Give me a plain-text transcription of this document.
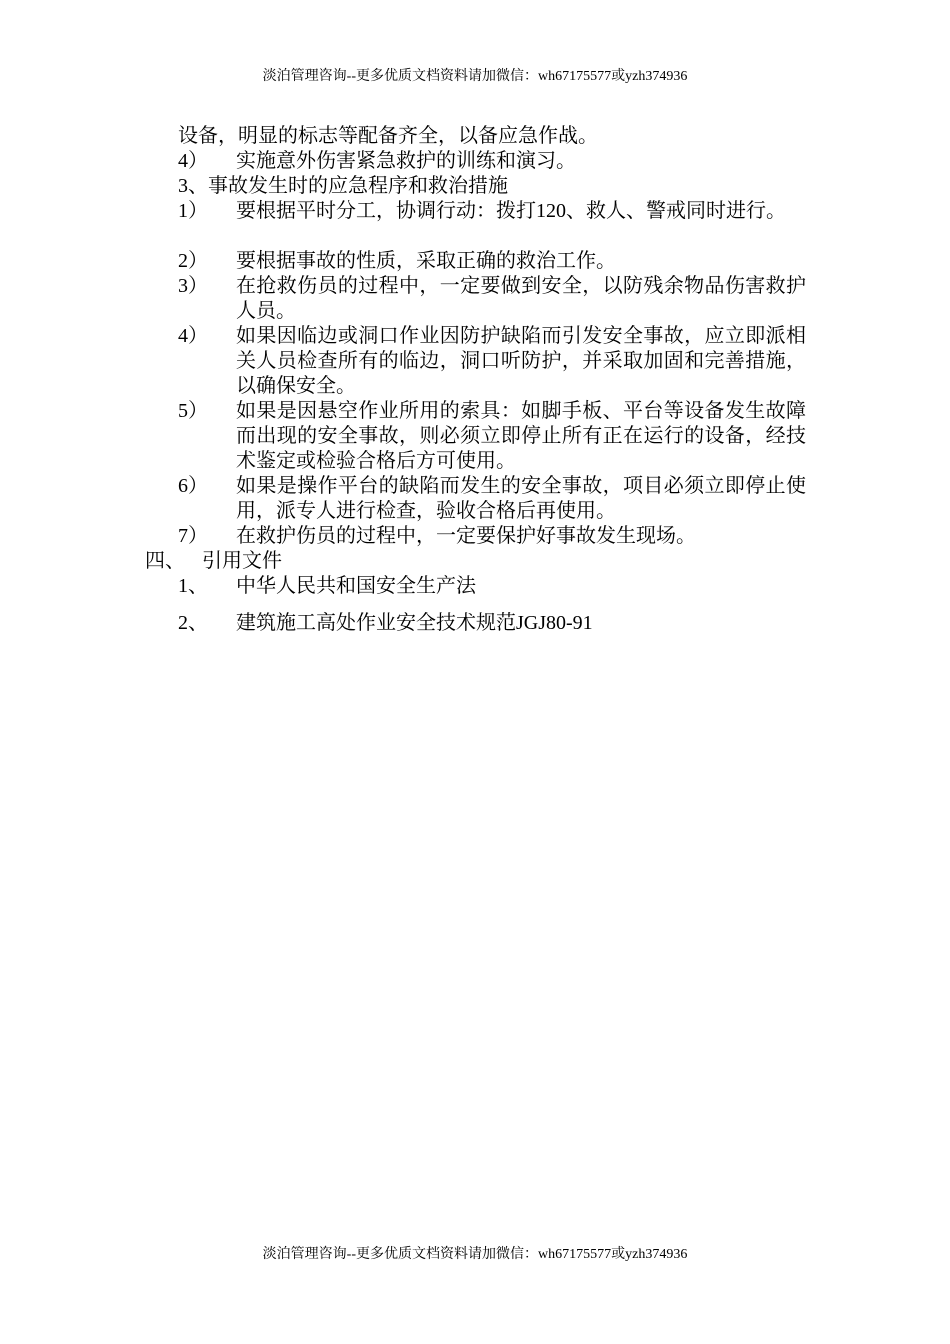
淡泊管理咨询--更多优质文档资料请加微信：wh67175577或yzh374936
设备，明显的标志等配备齐全，以备应急作战。
4） 实施意外伤害紧急救护的训练和演习。
3、事故发生时的应急程序和救治措施
1） 要根据平时分工，协调行动：拨打120、救人、警戒同时进行。
2） 要根据事故的性质，采取正确的救治工作。
3） 在抢救伤员的过程中，一定要做到安全，以防残余物品伤害救护人员。
4） 如果因临边或洞口作业因防护缺陷而引发安全事故，应立即派相关人员检查所有的临边，洞口听防护，并采取加固和完善措施，以确保安全。
5） 如果是因悬空作业所用的索具：如脚手板、平台等设备发生故障而出现的安全事故，则必须立即停止所有正在运行的设备，经技术鉴定或检验合格后方可使用。
6） 如果是操作平台的缺陷而发生的安全事故，项目必须立即停止使用，派专人进行检查，验收合格后再使用。
7） 在救护伤员的过程中，一定要保护好事故发生现场。
四、 引用文件
1、 中华人民共和国安全生产法
2、 建筑施工高处作业安全技术规范JGJ80-91
淡泊管理咨询--更多优质文档资料请加微信：wh67175577或yzh374936
